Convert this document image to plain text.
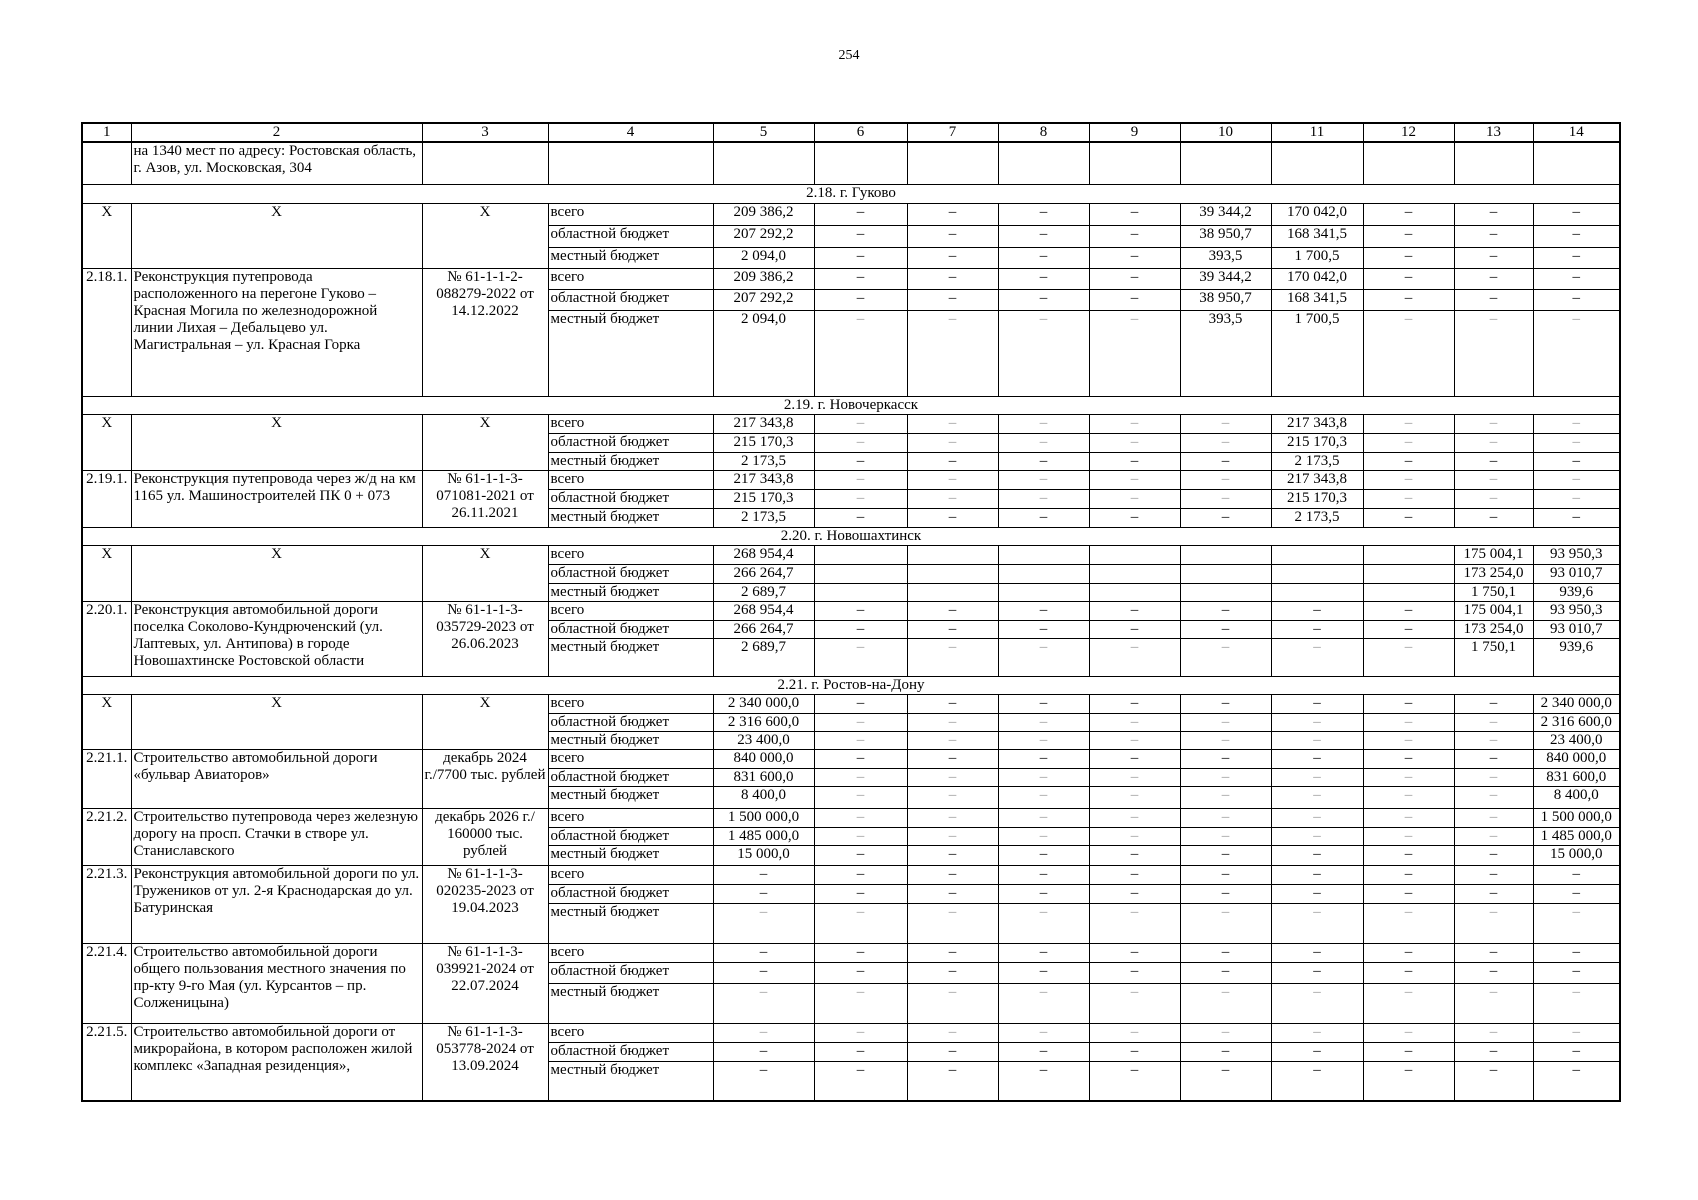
254
1	2	3	4	5	6	7	8	9	10	11	12	13	14
	на 1340 мест по адресу: Ростовская область, г. Азов, ул. Московская, 304												
2.18. г. Гуково													
X	X	X	всего	209 386,2	–	–	–	–	39 344,2	170 042,0	–	–	–
			областной бюджет	207 292,2	–	–	–	–	38 950,7	168 341,5	–	–	–
			местный бюджет	2 094,0	–	–	–	–	393,5	1 700,5	–	–	–
2.18.1.	Реконструкция путепровода расположенного на перегоне Гуково – Красная Могила по железнодорожной линии Лихая – Дебальцево ул. Магистральная – ул. Красная Горка	№ 61-1-1-2-088279-2022 от 14.12.2022	всего	209 386,2	–	–	–	–	39 344,2	170 042,0	–	–	–
			областной бюджет	207 292,2	–	–	–	–	38 950,7	168 341,5	–	–	–
			местный бюджет	2 094,0	–	–	–	–	393,5	1 700,5	–	–	–
2.19. г. Новочеркасск													
X	X	X	всего	217 343,8	–	–	–	–	–	217 343,8	–	–	–
			областной бюджет	215 170,3	–	–	–	–	–	215 170,3	–	–	–
			местный бюджет	2 173,5	–	–	–	–	–	2 173,5	–	–	–
2.19.1.	Реконструкция путепровода через ж/д на км 1165 ул. Машиностроителей ПК 0 + 073	№ 61-1-1-3-071081-2021 от 26.11.2021	всего	217 343,8	–	–	–	–	–	217 343,8	–	–	–
			областной бюджет	215 170,3	–	–	–	–	–	215 170,3	–	–	–
			местный бюджет	2 173,5	–	–	–	–	–	2 173,5	–	–	–
2.20. г. Новошахтинск													
X	X	X	всего	268 954,4								175 004,1	93 950,3
			областной бюджет	266 264,7								173 254,0	93 010,7
			местный бюджет	2 689,7								1 750,1	939,6
2.20.1.	Реконструкция автомобильной дороги поселка Соколово-Кундрюченский (ул. Лаптевых, ул. Антипова) в городе Новошахтинске Ростовской области	№ 61-1-1-3-035729-2023 от 26.06.2023	всего	268 954,4	–	–	–	–	–	–	–	175 004,1	93 950,3
			областной бюджет	266 264,7	–	–	–	–	–	–	–	173 254,0	93 010,7
			местный бюджет	2 689,7	–	–	–	–	–	–	–	1 750,1	939,6
2.21. г. Ростов-на-Дону													
X	X	X	всего	2 340 000,0	–	–	–	–	–	–	–	–	2 340 000,0
			областной бюджет	2 316 600,0	–	–	–	–	–	–	–	–	2 316 600,0
			местный бюджет	23 400,0	–	–	–	–	–	–	–	–	23 400,0
2.21.1.	Строительство автомобильной дороги «бульвар Авиаторов»	декабрь 2024 г./7700 тыс. рублей	всего	840 000,0	–	–	–	–	–	–	–	–	840 000,0
			областной бюджет	831 600,0	–	–	–	–	–	–	–	–	831 600,0
			местный бюджет	8 400,0	–	–	–	–	–	–	–	–	8 400,0
2.21.2.	Строительство путепровода через железную дорогу на просп. Стачки в створе ул. Станиславского	декабрь 2026 г./ 160000 тыс. рублей	всего	1 500 000,0	–	–	–	–	–	–	–	–	1 500 000,0
			областной бюджет	1 485 000,0	–	–	–	–	–	–	–	–	1 485 000,0
			местный бюджет	15 000,0	–	–	–	–	–	–	–	–	15 000,0
2.21.3.	Реконструкция автомобильной дороги по ул. Тружеников от ул. 2-я Краснодарская до ул. Батуринская	№ 61-1-1-3-020235-2023 от 19.04.2023	всего	–	–	–	–	–	–	–	–	–	–
			областной бюджет	–	–	–	–	–	–	–	–	–	–
			местный бюджет	–	–	–	–	–	–	–	–	–	–
2.21.4.	Строительство автомобильной дороги общего пользования местного значения по пр-кту 9-го Мая (ул. Курсантов – пр. Солженицына)	№ 61-1-1-3-039921-2024 от 22.07.2024	всего	–	–	–	–	–	–	–	–	–	–
			областной бюджет	–	–	–	–	–	–	–	–	–	–
			местный бюджет	–	–	–	–	–	–	–	–	–	–
2.21.5.	Строительство автомобильной дороги от микрорайона, в котором расположен жилой комплекс «Западная резиденция»,	№ 61-1-1-3-053778-2024 от 13.09.2024	всего	–	–	–	–	–	–	–	–	–	–
			областной бюджет	–	–	–	–	–	–	–	–	–	–
			местный бюджет	–	–	–	–	–	–	–	–	–	–
